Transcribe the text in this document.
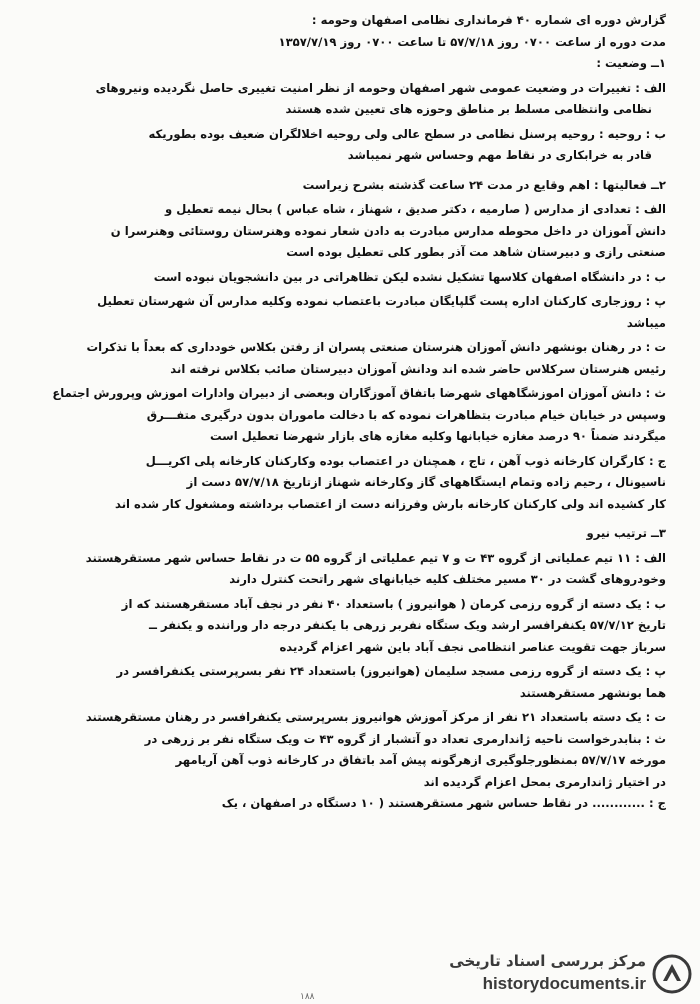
گزارش دوره ای شماره ۴۰ فرمانداری نظامی اصفهان وحومه :
مدت دوره از ساعت ۰۷۰۰ روز ۵۷/۷/۱۸ تا ساعت ۰۷۰۰ روز ۱۳۵۷/۷/۱۹
۱ــ وضعیت :
الف : تغییرات در وضعیت عمومی شهر اصفهان وحومه از نظر امنیت تغییری حاصل نگردیده ونیروهای
نظامی وانتظامی مسلط بر مناطق وحوزه های تعیین شده هستند
ب : روحیه : روحیه پرسنل نظامی در سطح عالی ولی روحیه اخلالگران ضعیف بوده بطوریکه
قادر به خرابکاری در نقاط مهم وحساس شهر نمیباشد
۲ــ فعالیتها : اهم وقایع در مدت ۲۴ ساعت گذشته بشرح زیراست
الف : تعدادی از مدارس ( صارمیه ، دکتر صدیق ، شهناز ، شاه عباس ) بحال نیمه تعطیل و
دانش آموزان در داخل محوطه مدارس مبادرت به دادن شعار نموده وهنرستان روستائی وهنرسرا ن
صنعتی رازی و دبیرستان شاهد مت آذر بطور کلی تعطیل بوده است
ب : در دانشگاه اصفهان کلاسها تشکیل نشده لیکن تظاهراتی در بین دانشجویان نبوده است
پ : روزجاری کارکنان اداره پست گلپایگان مبادرت باعتصاب نموده وکلیه مدارس آن شهرستان تعطیل
میباشد
ت : در رهنان بونشهر دانش آموزان هنرستان صنعتی پسران از رفتن بکلاس خودداری که بعداً با تذکرات
رئیس هنرستان سرکلاس حاضر شده اند ودانش آموزان دبیرستان صائب بکلاس نرفته اند
ث : دانش آموزان اموزشگاههای شهرضا باتفاق آموزگاران وبعضی از دبیران وادارات اموزش وپرورش اجتماع
وسپس در خیابان خیام مبادرت بتظاهرات نموده که با دخالت ماموران بدون درگیری متفـــرق
میگردند ضمناً ۹۰ درصد مغازه خیابانها وکلیه مغازه های بازار شهرضا تعطیل است
ج : کارگران کارخانه ذوب آهن ، تاج ، همچنان در اعتصاب بوده وکارکنان کارخانه پلی اکریـــل
ناسیونال ، رحیم زاده وتمام ایستگاههای گاز وکارخانه شهناز ازتاریخ ۵۷/۷/۱۸ دست از
کار کشیده اند ولی کارکنان کارخانه بارش وفرزانه دست از اعتصاب برداشته ومشغول کار شده اند
۳ــ ترتیب نیرو
الف : ۱۱ تیم عملیاتی از گروه ۴۳ ت و ۷ تیم عملیاتی از گروه ۵۵ ت در نقاط حساس شهر مستقرهستند
وخودروهای گشت در ۳۰ مسیر مختلف کلیه خیابانهای شهر راتحت کنترل دارند
ب : یک دسته از گروه رزمی کرمان ( هوانیروز ) باستعداد ۴۰ نفر در نجف آباد مستقرهستند که از
تاریخ ۵۷/۷/۱۲ یکنفرافسر ارشد ویک ستگاه نفربر زرهی با یکنفر درجه دار وراننده و یکنفر ــ
سرباز جهت تقویت عناصر انتظامی نجف آباد باین شهر اعزام گردیده
پ : یک دسته از گروه رزمی مسجد سلیمان (هوانیروز) باستعداد ۲۴ نفر بسرپرستی یکنفرافسر در
هما بونشهر مستقرهستند
ت : یک دسته باستعداد ۲۱ نفر از مرکز آموزش هوانیروز بسرپرستی یکنفرافسر در رهنان مستقرهستند
ث : بنابدرخواست ناحیه ژاندارمری تعداد دو آتشبار از گروه ۴۳ ت ویک ستگاه نفر بر زرهی در
مورخه ۵۷/۷/۱۷ بمنظورجلوگیری ازهرگونه پیش آمد باتفاق در کارخانه ذوب آهن آریامهر
در اختیار ژاندارمری بمحل اعزام گردیده اند
ج : ............ در نقاط حساس شهر مستقرهستند ( ۱۰ دستگاه در اصفهان ، یک
مرکز بررسی اسناد تاریخی
historydocuments.ir
۱۸۸
